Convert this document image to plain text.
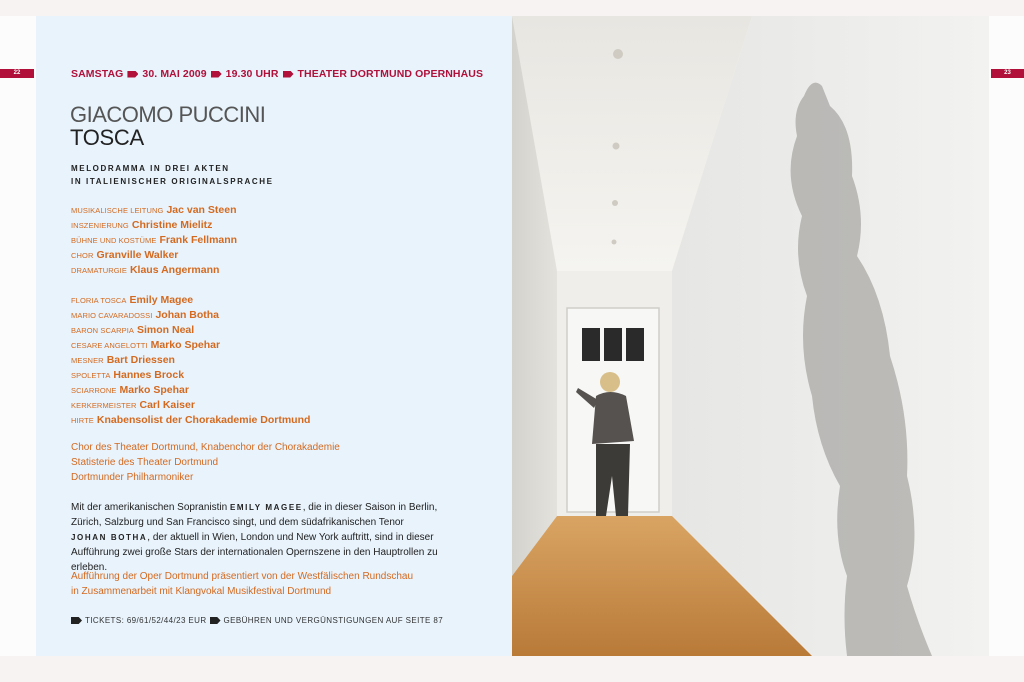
22	23
SAMSTAG 30. MAI 2009 19.30 UHR THEATER DORTMUND OPERNHAUS
GIACOMO PUCCINI
TOSCA
MELODRAMMA IN DREI AKTEN
IN ITALIENISCHER ORIGINALSPRACHE
MUSIKALISCHE LEITUNG Jac van Steen
INSZENIERUNG Christine Mielitz
BÜHNE UND KOSTÜME Frank Fellmann
CHOR Granville Walker
DRAMATURGIE Klaus Angermann
FLORIA TOSCA Emily Magee
MARIO CAVARADOSSI Johan Botha
BARON SCARPIA Simon Neal
CESARE ANGELOTTI Marko Spehar
MESNER Bart Driessen
SPOLETTA Hannes Brock
SCIARRONE Marko Spehar
KERKERMEISTER Carl Kaiser
HIRTE Knabensolist der Chorakademie Dortmund
Chor des Theater Dortmund, Knabenchor der Chorakademie
Statisterie des Theater Dortmund
Dortmunder Philharmoniker
Mit der amerikanischen Sopranistin EMILY MAGEE, die in dieser Saison in Berlin, Zürich, Salzburg und San Francisco singt, und dem südafrikanischen Tenor JOHAN BOTHA, der aktuell in Wien, London und New York auftritt, sind in dieser Aufführung zwei große Stars der internationalen Opernszene in den Hauptrollen zu erleben.
Aufführung der Oper Dortmund präsentiert von der Westfälischen Rundschau
in Zusammenarbeit mit Klangvokal Musikfestival Dortmund
TICKETS: 69/61/52/44/23 EUR GEBÜHREN UND VERGÜNSTIGUNGEN AUF SEITE 87
